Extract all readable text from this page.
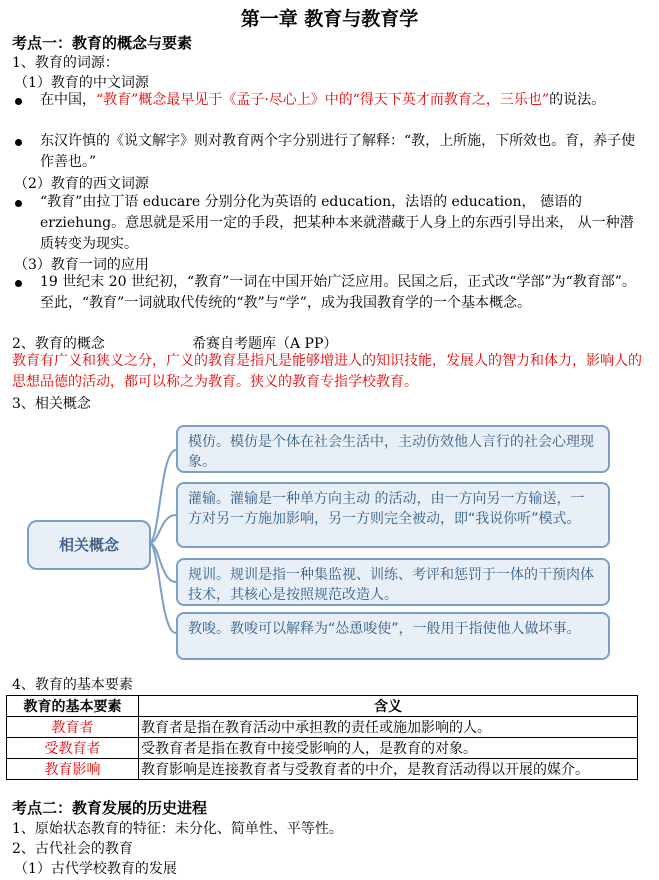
第一章 教育与教育学
考点一：教育的概念与要素
1、教育的词源：
（1）教育的中文词源
在中国，“教育”概念最早见于《孟子·尽心上》中的“得天下英才而教育之，三乐也”的说法。
东汉许慎的《说文解字》则对教育两个字分别进行了解释：“教，上所施，下所效也。育，养子使作善也。”
（2）教育的西文词源
“教育”由拉丁语 educare 分别分化为英语的 education，法语的 education， 德语的 erziehung。意思就是采用一定的手段，把某种本来就潜藏于人身上的东西引导出来， 从一种潜质转变为现实。
（3）教育一词的应用
19 世纪末 20 世纪初，“教育”一词在中国开始广泛应用。民国之后，正式改“学部”为“教育部”。至此，“教育”一词就取代传统的“教”与“学”，成为我国教育学的一个基本概念。
2、教育的概念	希赛自考题库（A PP）
教育有广义和狭义之分，广义的教育是指凡是能够增进人的知识技能，发展人的智力和体力，影响人的思想品德的活动，都可以称之为教育。狭义的教育专指学校教育。
3、相关概念
相关概念
模仿。模仿是个体在社会生活中，主动仿效他人言行的社会心理现象。
灌输。灌输是一种单方向主动 的活动，由一方向另一方输送，一方对另一方施加影响，另一方则完全被动，即“我说你听”模式。
规训。规训是指一种集监视、训练、考评和惩罚于一体的干预肉体技术，其核心是按照规范改造人。
教唆。教唆可以解释为“怂恿唆使”，一般用于指使他人做坏事。
4、教育的基本要素
教育的基本要素	含义
教育者	教育者是指在教育活动中承担教的责任或施加影响的人。
受教育者	受教育者是指在教育中接受影响的人，是教育的对象。
教育影响	教育影响是连接教育者与受教育者的中介，是教育活动得以开展的媒介。
考点二：教育发展的历史进程
1、原始状态教育的特征：未分化、简单性、平等性。
2、古代社会的教育
（1）古代学校教育的发展
